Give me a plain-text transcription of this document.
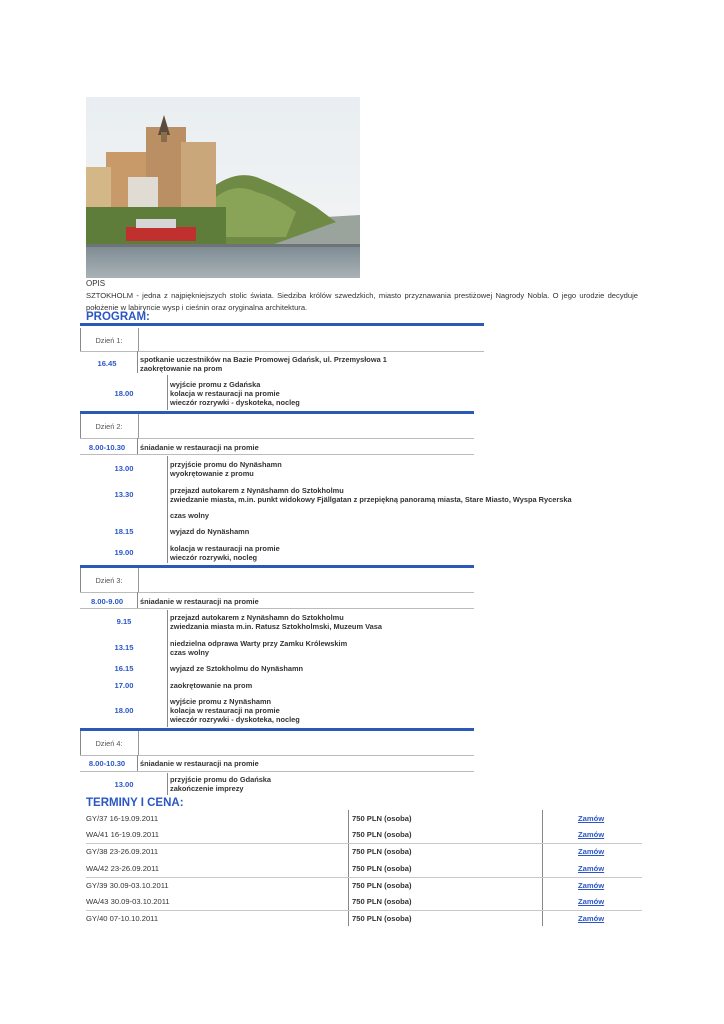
OPIS
SZTOKHOLM - jedna z najpiękniejszych stolic świata. Siedziba królów szwedzkich, miasto przyznawania prestiżowej Nagrody Nobla. O jego urodzie decyduje położenie w labiryncie wysp i cieśnin oraz oryginalna architektura.
PROGRAM:
Dzień 1:
16.45	spotkanie uczestników na Bazie Promowej Gdańsk, ul. Przemysłowa 1
zaokrętowanie na prom
18.00
wyjście promu z Gdańska
kolacja w restauracji na promie
wieczór rozrywki - dyskoteka, nocleg
Dzień 2:
8.00-10.30	śniadanie w restauracji na promie
13.00	przyjście promu do Nynäshamn
wyokrętowanie z promu
13.30	przejazd autokarem z Nynäshamn do Sztokholmu
zwiedzanie miasta, m.in. punkt widokowy Fjällgatan z przepiękną panoramą miasta, Stare Miasto, Wyspa Rycerska
czas wolny
18.15	wyjazd do Nynäshamn
19.00	kolacja w restauracji na promie
wieczór rozrywki, nocleg
Dzień 3:
8.00-9.00	śniadanie w restauracji na promie
9.15	przejazd autokarem z Nynäshamn do Sztokholmu
zwiedzania miasta m.in. Ratusz Sztokholmski, Muzeum Vasa
13.15	niedzielna odprawa Warty przy Zamku Królewskim
czas wolny
16.15	wyjazd ze Sztokholmu do Nynäshamn
17.00	zaokrętowanie na prom
18.00
wyjście promu z Nynäshamn
kolacja w restauracji na promie
wieczór rozrywki - dyskoteka, nocleg
Dzień 4:
8.00-10.30	śniadanie w restauracji na promie
13.00
przyjście promu do Gdańska
zakończenie imprezy
TERMINY I CENA:
GY/37 16-19.09.2011	750 PLN (osoba)	Zamów
WA/41 16-19.09.2011	750 PLN (osoba)	Zamów
GY/38 23-26.09.2011	750 PLN (osoba)	Zamów
WA/42 23-26.09.2011	750 PLN (osoba)	Zamów
GY/39 30.09-03.10.2011	750 PLN (osoba)	Zamów
WA/43 30.09-03.10.2011	750 PLN (osoba)	Zamów
GY/40 07-10.10.2011	750 PLN (osoba)	Zamów
